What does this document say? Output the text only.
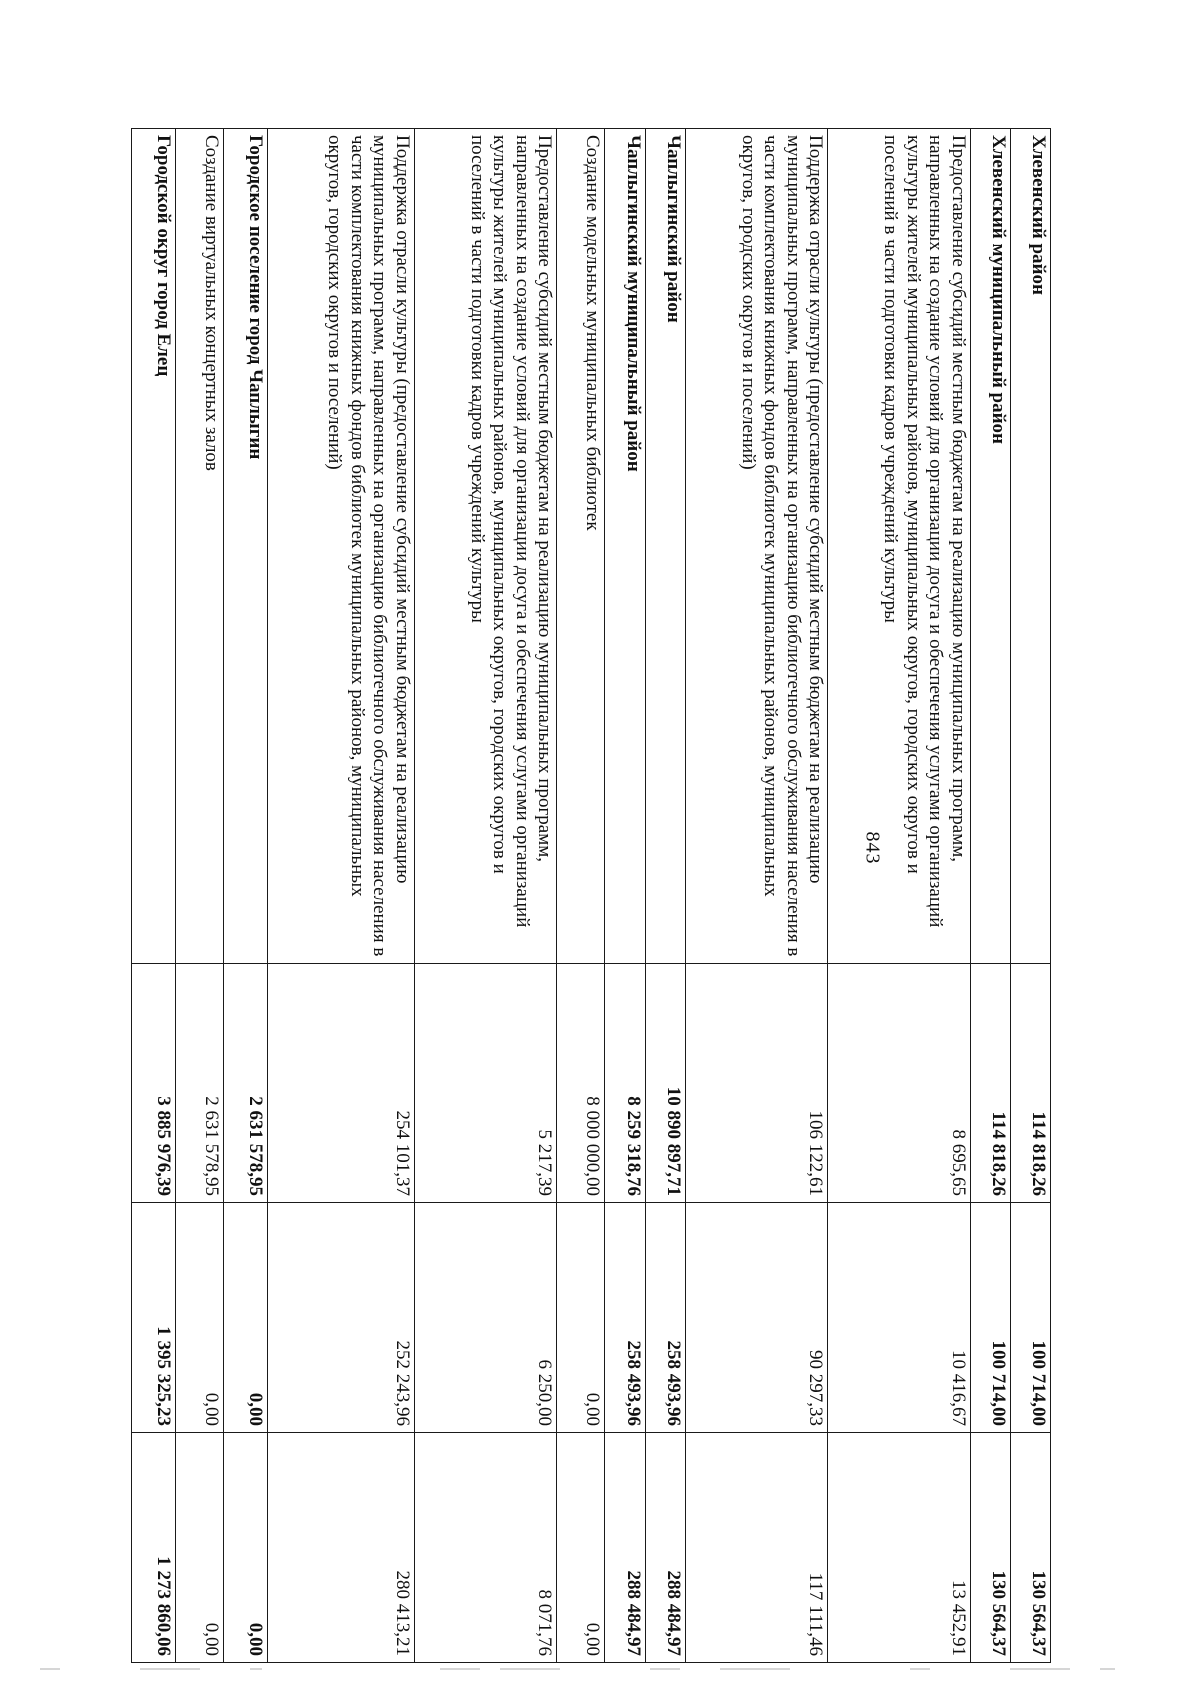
843
Хлевенский район	114 818,26	100 714,00	130 564,37
Хлевенский муниципальный район	114 818,26	100 714,00	130 564,37
Предоставление субсидий местным бюджетам на реализацию муниципальных программ, направленных на создание условий для организации досуга и обеспечения услугами организаций культуры жителей муниципальных районов, муниципальных округов, городских округов и поселений в части подготовки кадров учреждений культуры	8 695,65	10 416,67	13 452,91
Поддержка отрасли культуры (предоставление субсидий местным бюджетам на реализацию муниципальных программ, направленных на организацию библиотечного обслуживания населения в части комплектования книжных фондов библиотек муниципальных районов, муниципальных округов, городских округов и поселений)	106 122,61	90 297,33	117 111,46
Чаплыгинский район	10 890 897,71	258 493,96	288 484,97
Чаплыгинский муниципальный район	8 259 318,76	258 493,96	288 484,97
Создание модельных муниципальных библиотек	8 000 000,00	0,00	0,00
Предоставление субсидий местным бюджетам на реализацию муниципальных программ, направленных на создание условий для организации досуга и обеспечения услугами организаций культуры жителей муниципальных районов, муниципальных округов, городских округов и поселений в части подготовки кадров учреждений культуры	5 217,39	6 250,00	8 071,76
Поддержка отрасли культуры (предоставление субсидий местным бюджетам на реализацию муниципальных программ, направленных на организацию библиотечного обслуживания населения в части комплектования книжных фондов библиотек муниципальных районов, муниципальных округов, городских округов и поселений)	254 101,37	252 243,96	280 413,21
Городское поселение город Чаплыгин	2 631 578,95	0,00	0,00
Создание виртуальных концертных залов	2 631 578,95	0,00	0,00
Городской округ город Елец	3 885 976,39	1 395 325,23	1 273 860,06
